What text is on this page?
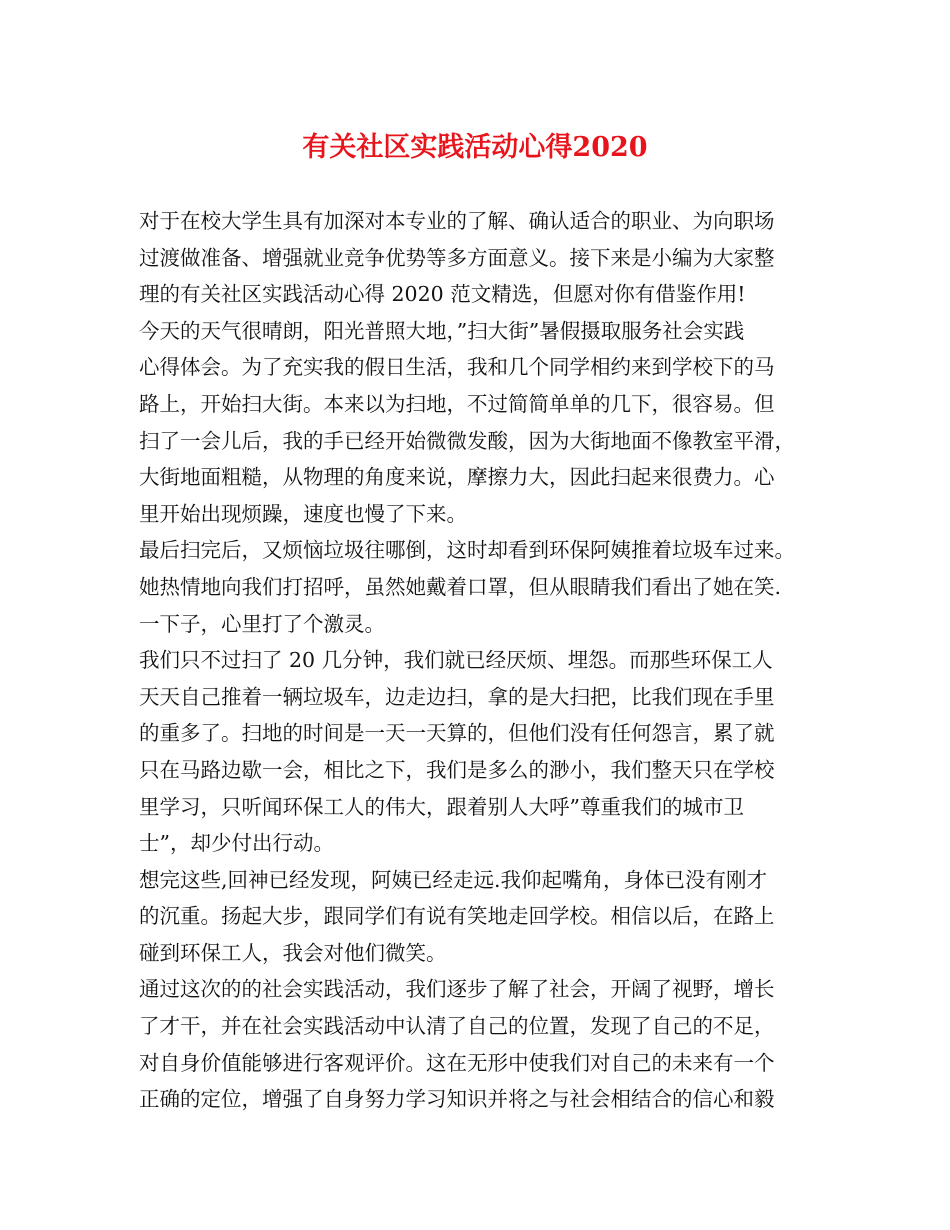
有关社区实践活动心得2020
对于在校大学生具有加深对本专业的了解、确认适合的职业、为向职场
过渡做准备、增强就业竞争优势等多方面意义。接下来是小编为大家整
理的有关社区实践活动心得 2020 范文精选，但愿对你有借鉴作用!
今天的天气很晴朗，阳光普照大地，”扫大街”暑假摄取服务社会实践
心得体会。为了充实我的假日生活，我和几个同学相约来到学校下的马
路上，开始扫大街。本来以为扫地，不过简简单单的几下，很容易。但
扫了一会儿后，我的手已经开始微微发酸，因为大街地面不像教室平滑，
大街地面粗糙，从物理的角度来说，摩擦力大，因此扫起来很费力。心
里开始出现烦躁，速度也慢了下来。
最后扫完后，又烦恼垃圾往哪倒，这时却看到环保阿姨推着垃圾车过来。
她热情地向我们打招呼，虽然她戴着口罩，但从眼睛我们看出了她在笑.
一下子，心里打了个激灵。
我们只不过扫了 20 几分钟，我们就已经厌烦、埋怨。而那些环保工人
天天自己推着一辆垃圾车，边走边扫，拿的是大扫把，比我们现在手里
的重多了。扫地的时间是一天一天算的，但他们没有任何怨言，累了就
只在马路边歇一会，相比之下，我们是多么的渺小，我们整天只在学校
里学习，只听闻环保工人的伟大，跟着别人大呼”尊重我们的城市卫
士”，却少付出行动。
想完这些,回神已经发现，阿姨已经走远.我仰起嘴角，身体已没有刚才
的沉重。扬起大步，跟同学们有说有笑地走回学校。相信以后，在路上
碰到环保工人，我会对他们微笑。
通过这次的的社会实践活动，我们逐步了解了社会，开阔了视野，增长
了才干，并在社会实践活动中认清了自己的位置，发现了自己的不足，
对自身价值能够进行客观评价。这在无形中使我们对自己的未来有一个
正确的定位，增强了自身努力学习知识并将之与社会相结合的信心和毅
